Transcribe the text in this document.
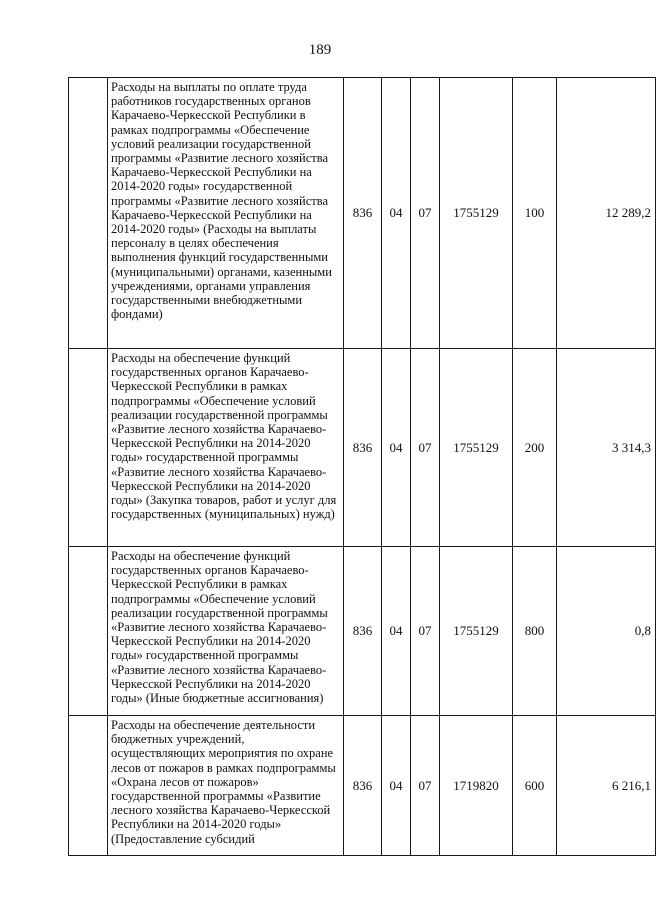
189
	Расходы на выплаты по оплате труда работников государственных органов Карачаево-Черкесской Республики в рамках подпрограммы «Обеспечение условий реализации государственной программы «Развитие лесного хозяйства Карачаево-Черкесской Республики на 2014-2020 годы» государственной программы «Развитие лесного хозяйства Карачаево-Черкесской Республики на 2014-2020 годы» (Расходы на выплаты персоналу в целях обеспечения выполнения функций государственными (муниципальными) органами, казенными учреждениями, органами управления государственными внебюджетными фондами)	836	04	07	1755129	100	12 289,2
	Расходы на обеспечение функций государственных органов Карачаево-Черкесской Республики в рамках подпрограммы «Обеспечение условий реализации государственной программы «Развитие лесного хозяйства Карачаево-Черкесской Республики на 2014-2020 годы» государственной программы «Развитие лесного хозяйства Карачаево-Черкесской Республики на 2014-2020 годы» (Закупка товаров, работ и услуг для государственных (муниципальных) нужд)	836	04	07	1755129	200	3 314,3
	Расходы на обеспечение функций государственных органов Карачаево-Черкесской Республики в рамках подпрограммы «Обеспечение условий реализации государственной программы «Развитие лесного хозяйства Карачаево-Черкесской Республики на 2014-2020 годы» государственной программы «Развитие лесного хозяйства Карачаево-Черкесской Республики на 2014-2020 годы» (Иные бюджетные ассигнования)	836	04	07	1755129	800	0,8
	Расходы на обеспечение деятельности бюджетных учреждений, осуществляющих мероприятия по охране лесов от пожаров в рамках подпрограммы «Охрана лесов от пожаров» государственной программы «Развитие лесного хозяйства Карачаево-Черкесской Республики на 2014-2020 годы» (Предоставление субсидий	836	04	07	1719820	600	6 216,1
